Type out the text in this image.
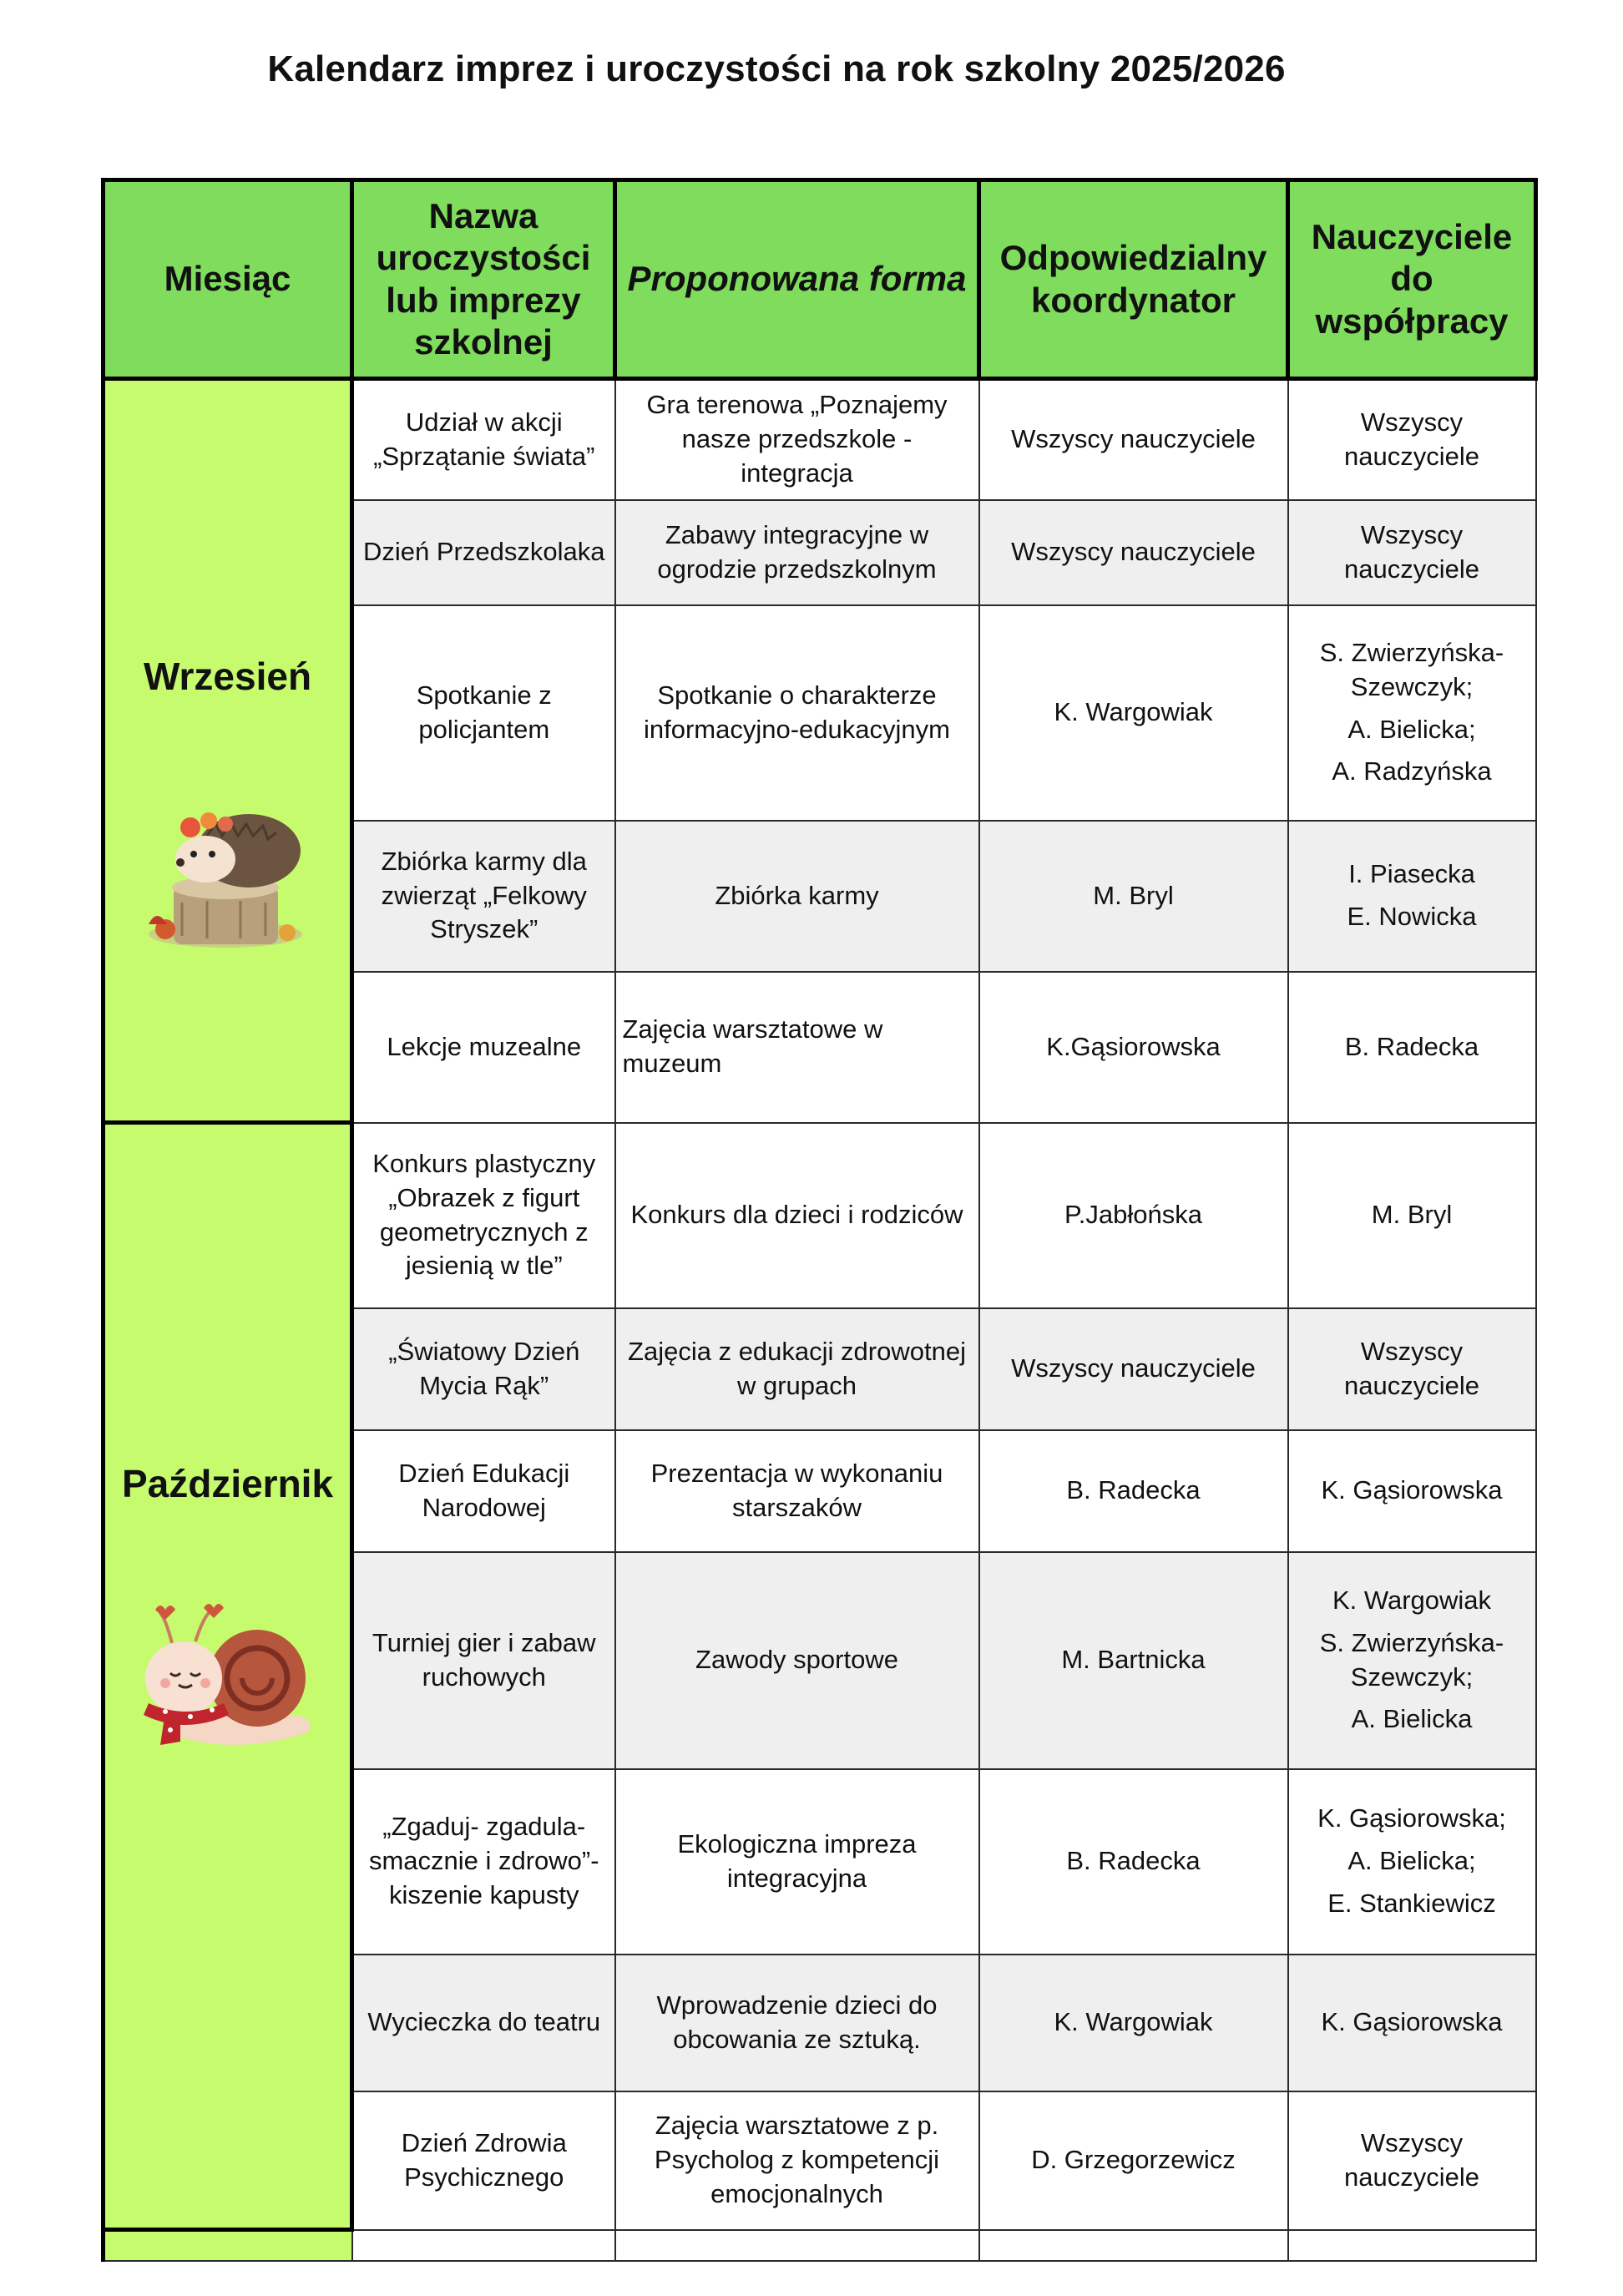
Kalendarz imprez i uroczystości na rok szkolny 2025/2026
Miesiąc	Nazwa uroczystości lub imprezy szkolnej	Proponowana forma	Odpowiedzialny koordynator	Nauczyciele do współpracy

Wrzesień	Udział w akcji „Sprzątanie świata”	Gra terenowa „Poznajemy nasze przedszkole - integracja	Wszyscy nauczyciele	Wszyscy nauczyciele

	Dzień Przedszkolaka	Zabawy integracyjne w ogrodzie przedszkolnym	Wszyscy nauczyciele	Wszyscy nauczyciele

	Spotkanie z policjantem	Spotkanie o charakterze informacyjno-edukacyjnym	K. Wargowiak	S. Zwierzyńska-Szewczyk;
A. Bielicka;
A. Radzyńska

	Zbiórka karmy dla zwierząt „Felkowy Stryszek”	Zbiórka karmy	M. Bryl	I. Piasecka
E. Nowicka

	Lekcje muzealne	Zajęcia warsztatowe w muzeum	K.Gąsiorowska	B. Radecka

Październik	Konkurs plastyczny „Obrazek z figurt geometrycznych z jesienią w tle”	Konkurs dla dzieci i rodziców	P.Jabłońska	M. Bryl

	„Światowy Dzień Mycia Rąk”	Zajęcia z edukacji zdrowotnej w grupach	Wszyscy nauczyciele	Wszyscy nauczyciele

	Dzień Edukacji Narodowej	Prezentacja w wykonaniu starszaków	B. Radecka	K. Gąsiorowska

	Turniej gier i zabaw ruchowych	Zawody sportowe	M. Bartnicka	K. Wargowiak
S. Zwierzyńska-Szewczyk;
A. Bielicka

	„Zgaduj- zgadula- smacznie i zdrowo”- kiszenie kapusty	Ekologiczna impreza integracyjna	B. Radecka	K. Gąsiorowska;
A. Bielicka;
E. Stankiewicz

	Wycieczka do teatru	Wprowadzenie dzieci do obcowania ze sztuką.	K. Wargowiak	K. Gąsiorowska

	Dzień Zdrowia Psychicznego	Zajęcia warsztatowe z p. Psycholog z kompetencji emocjonalnych	D. Grzegorzewicz	Wszyscy nauczyciele
